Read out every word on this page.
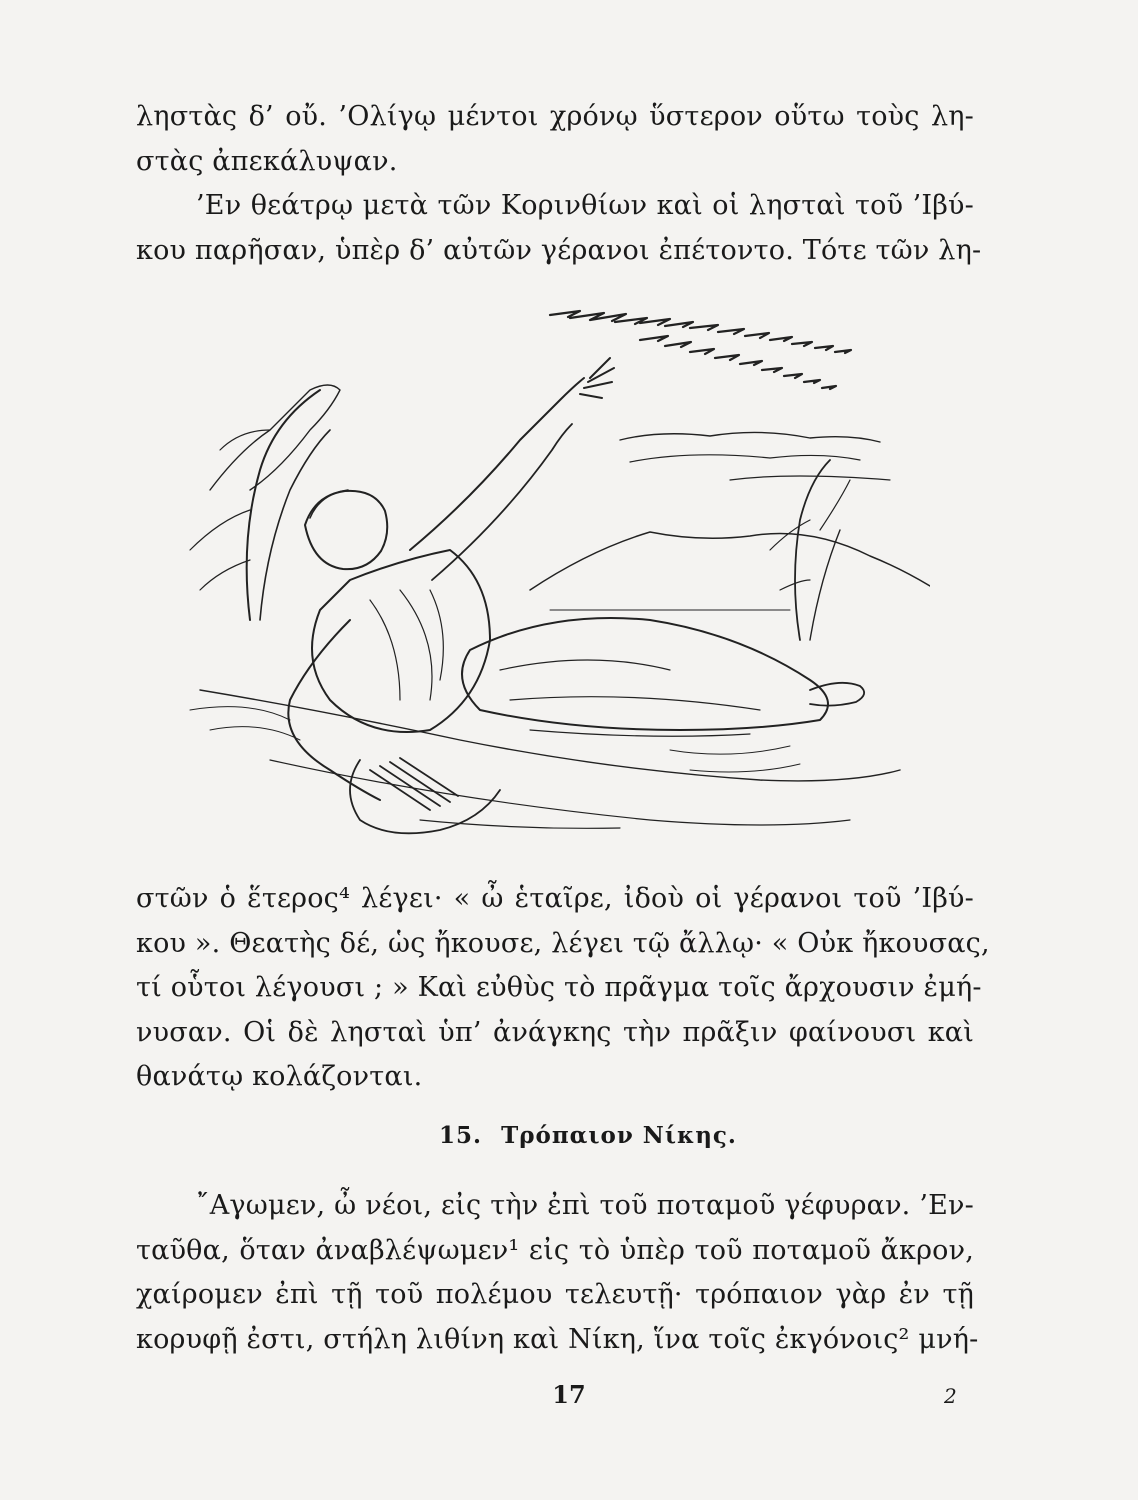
ληστὰς δ’ οὔ. ’Ολίγῳ μέντοι χρόνῳ ὕστερον οὕτω τοὺς λη-
στὰς ἀπεκάλυψαν.
’Εν θεάτρῳ μετὰ τῶν Κορινθίων καὶ οἱ λησταὶ τοῦ ’Ιβύ-
κου παρῆσαν, ὑπὲρ δ’ αὐτῶν γέρανοι ἐπέτοντο. Τότε τῶν λη-
στῶν ὁ ἕτερος⁴ λέγει· « ὦ ἑταῖρε, ἰδοὺ οἱ γέρανοι τοῦ ’Ιβύ-
κου ». Θεατὴς δέ, ὡς ἤκουσε, λέγει τῷ ἄλλῳ· « Οὐκ ἤκουσας,
τί οὗτοι λέγουσι ; » Καὶ εὐθὺς τὸ πρᾶγμα τοῖς ἄρχουσιν ἐμή-
νυσαν. Οἱ δὲ λησταὶ ὑπ’ ἀνάγκης τὴν πρᾶξιν φαίνουσι καὶ
θανάτῳ κολάζονται.
15. Τρόπαιον Νίκης.
῎Αγωμεν, ὦ νέοι, εἰς τὴν ἐπὶ τοῦ ποταμοῦ γέφυραν. ’Εν-
ταῦθα, ὅταν ἀναβλέψωμεν¹ εἰς τὸ ὑπὲρ τοῦ ποταμοῦ ἄκρον,
χαίρομεν ἐπὶ τῇ τοῦ πολέμου τελευτῇ· τρόπαιον γὰρ ἐν τῇ
κορυφῇ ἐστι, στήλη λιθίνη καὶ Νίκη, ἵνα τοῖς ἐκγόνοις² μνή-
17	2
